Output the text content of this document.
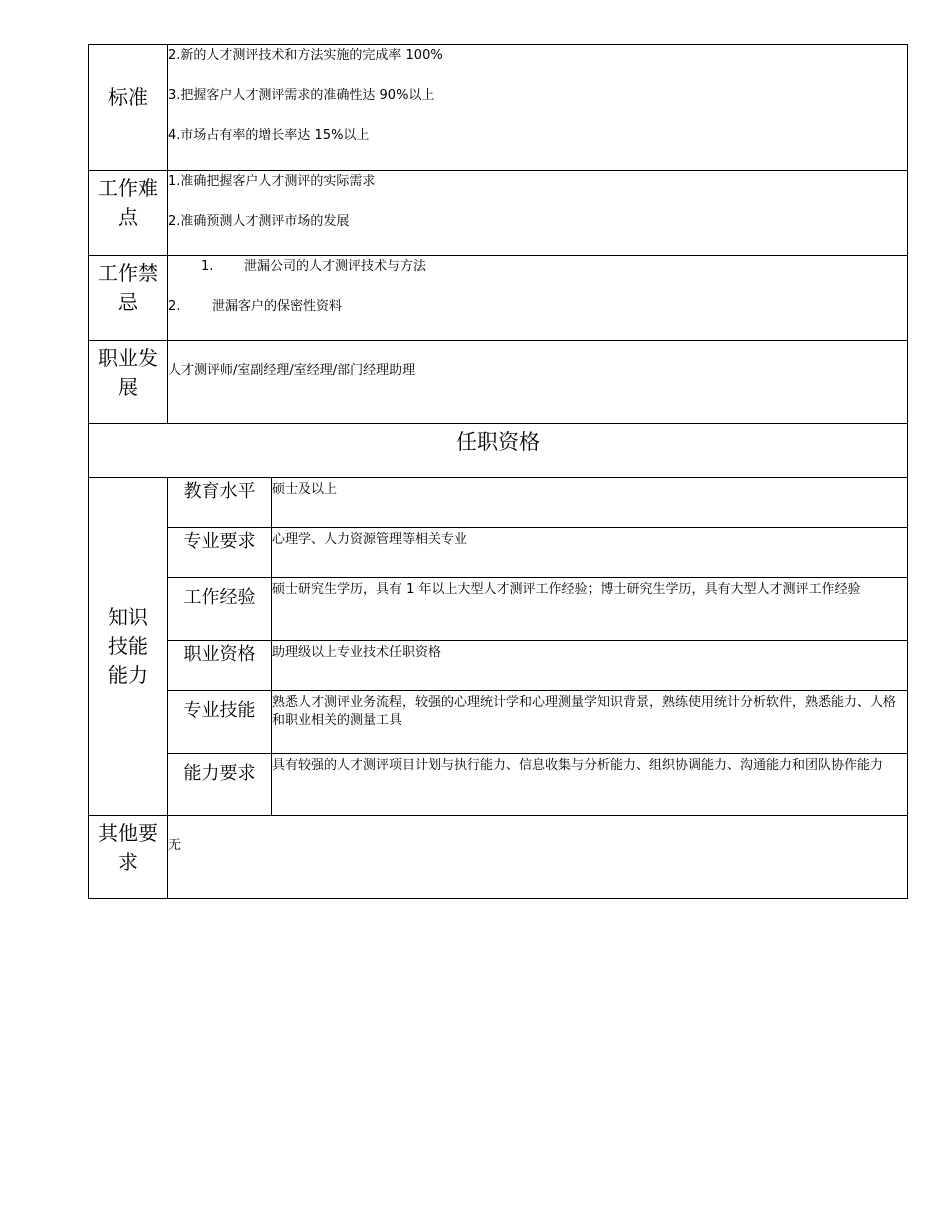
标准	2.新的人才测评技术和方法实施的完成率 100%

3.把握客户人才测评需求的准确性达 90%以上

4.市场占有率的增长率达 15%以上	

工作难点	1.准确把握客户人才测评的实际需求

2.准确预测人才测评市场的发展	

工作禁忌	1. 泄漏公司的人才测评技术与方法

2. 泄漏客户的保密性资料	

职业发展	人才测评师/室副经理/室经理/部门经理助理	
任职资格		

知识技能能力	教育水平	硕士及以上
	专业要求	心理学、人力资源管理等相关专业
	工作经验	硕士研究生学历，具有 1 年以上大型人才测评工作经验；博士研究生学历，具有大型人才测评工作经验
	职业资格	助理级以上专业技术任职资格
	专业技能	熟悉人才测评业务流程，较强的心理统计学和心理测量学知识背景，熟练使用统计分析软件，熟悉能力、人格和职业相关的测量工具
	能力要求	具有较强的人才测评项目计划与执行能力、信息收集与分析能力、组织协调能力、沟通能力和团队协作能力
其他要求	无	
